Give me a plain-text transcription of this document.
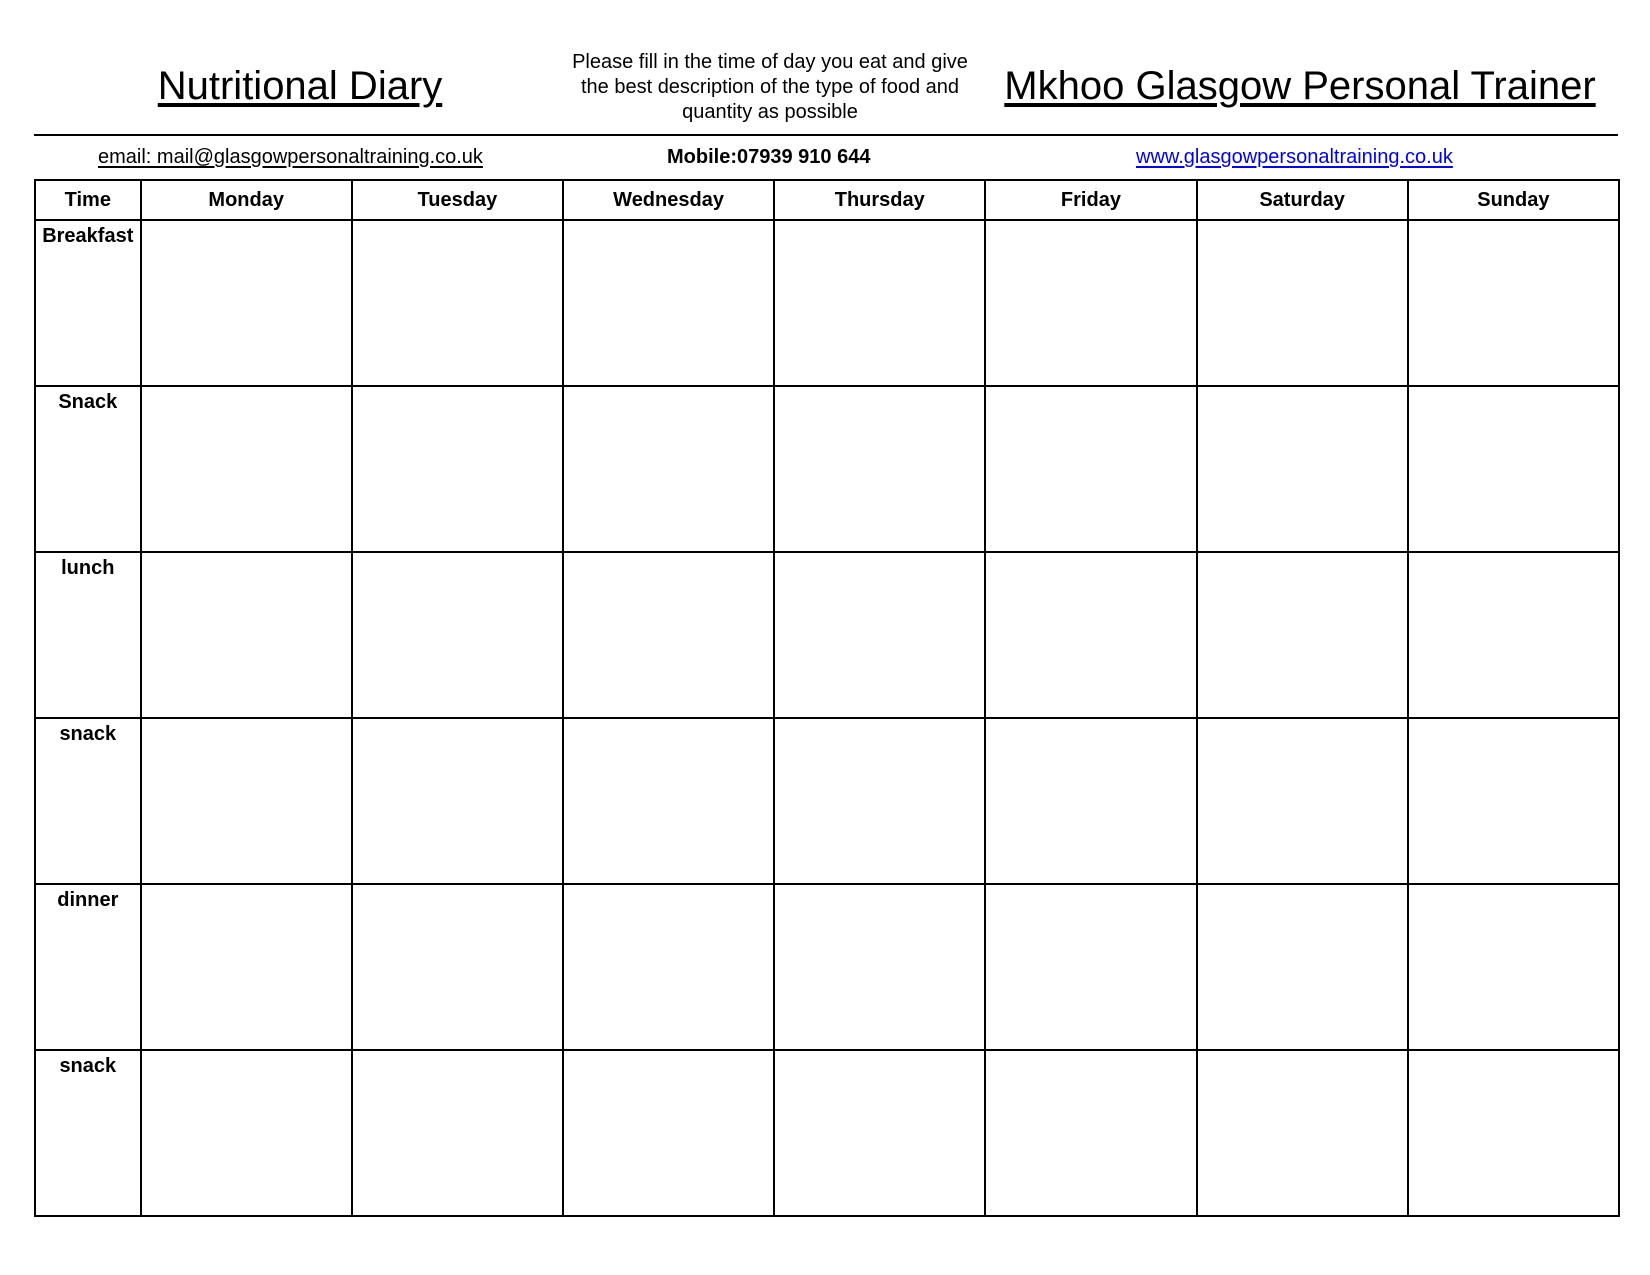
Nutritional Diary
Please fill in the time of day you eat and give the best description of the type of food and quantity as possible
Mkhoo Glasgow Personal Trainer
email: mail@glasgowpersonaltraining.co.uk	Mobile:07939 910 644	www.glasgowpersonaltraining.co.uk
Time	Monday	Tuesday	Wednesday	Thursday	Friday	Saturday	Sunday
Breakfast							
Snack							
lunch							
snack							
dinner							
snack							
